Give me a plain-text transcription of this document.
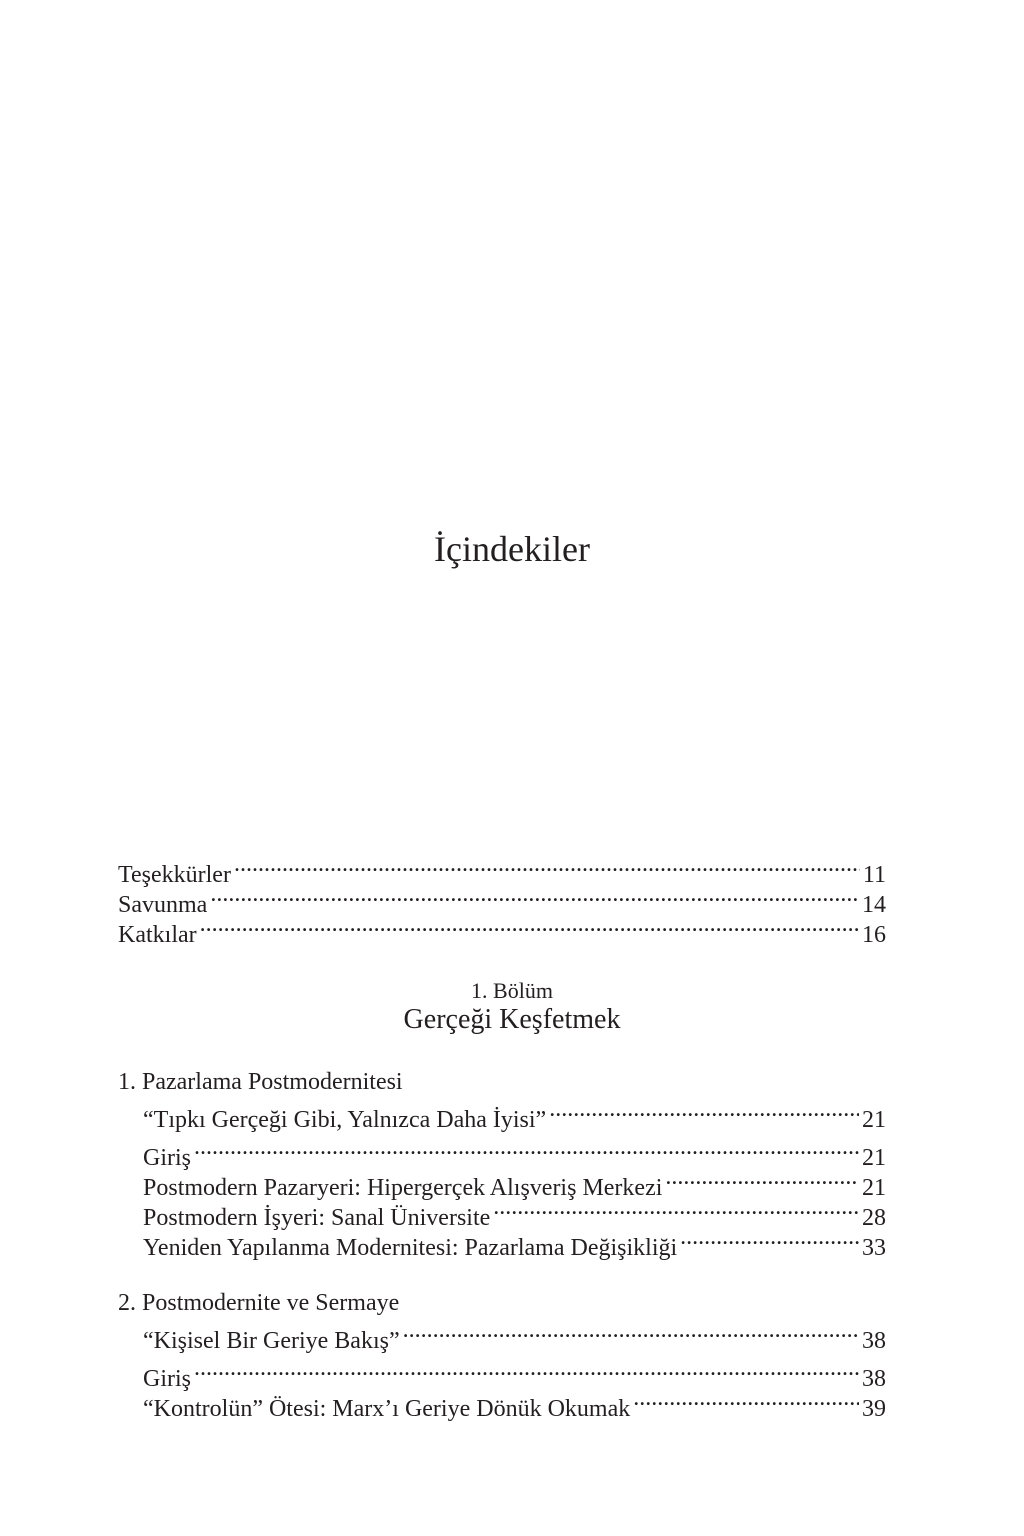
İçindekiler
Teşekkürler .....	11
Savunma .....	14
Katkılar .....	16
1. Bölüm
Gerçeği Keşfetmek
1. Pazarlama Postmodernitesi
“Tıpkı Gerçeği Gibi, Yalnızca Daha İyisi” .....	21
Giriş .....	21
Postmodern Pazaryeri: Hipergerçek Alışveriş Merkezi .....	21
Postmodern İşyeri: Sanal Üniversite .....	28
Yeniden Yapılanma Modernitesi: Pazarlama Değişikliği .....	33
2. Postmodernite ve Sermaye
“Kişisel Bir Geriye Bakış” .....	38
Giriş .....	38
“Kontrolün” Ötesi: Marx’ı Geriye Dönük Okumak .....	39
